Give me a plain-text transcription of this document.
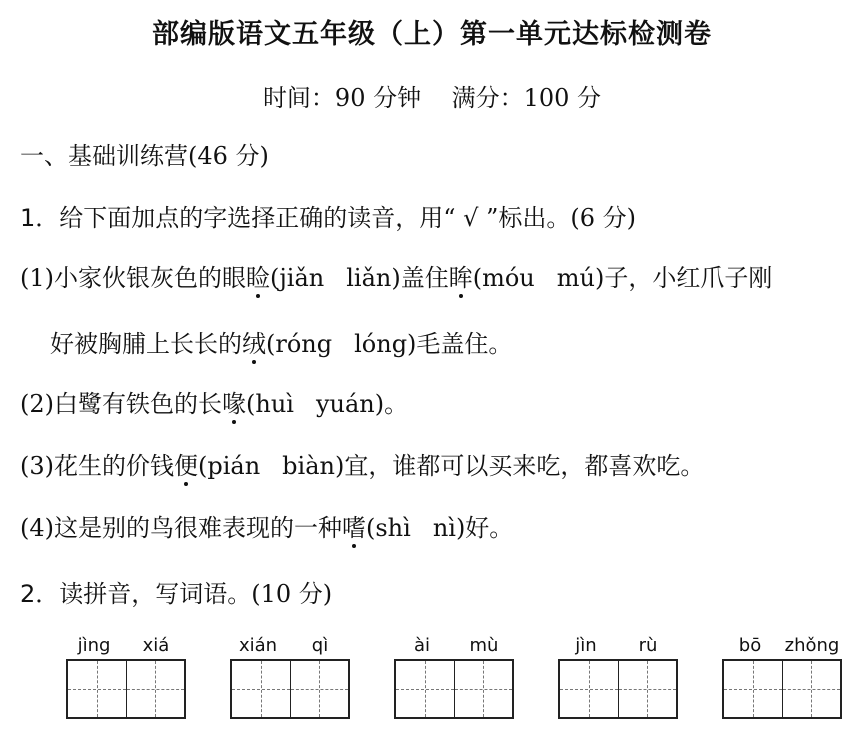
部编版语文五年级（上）第一单元达标检测卷
时间：90 分钟    满分：100 分
一、基础训练营(46 分)
1．给下面加点的字选择正确的读音，用“ √ ”标出。(6 分)
(1)小家伙银灰色的眼睑(jiǎn liǎn)盖住眸(móu mú)子，小红爪子刚
好被胸脯上长长的绒(róng lóng)毛盖住。
(2)白鹭有铁色的长喙(huì yuán)。
(3)花生的价钱便(pián biàn)宜，谁都可以买来吃，都喜欢吃。
(4)这是别的鸟很难表现的一种嗜(shì nì)好。
2．读拼音，写词语。(10 分)
jìng	xiá	xián	qì	ài	mù	jìn	rù	bō	zhǒng
